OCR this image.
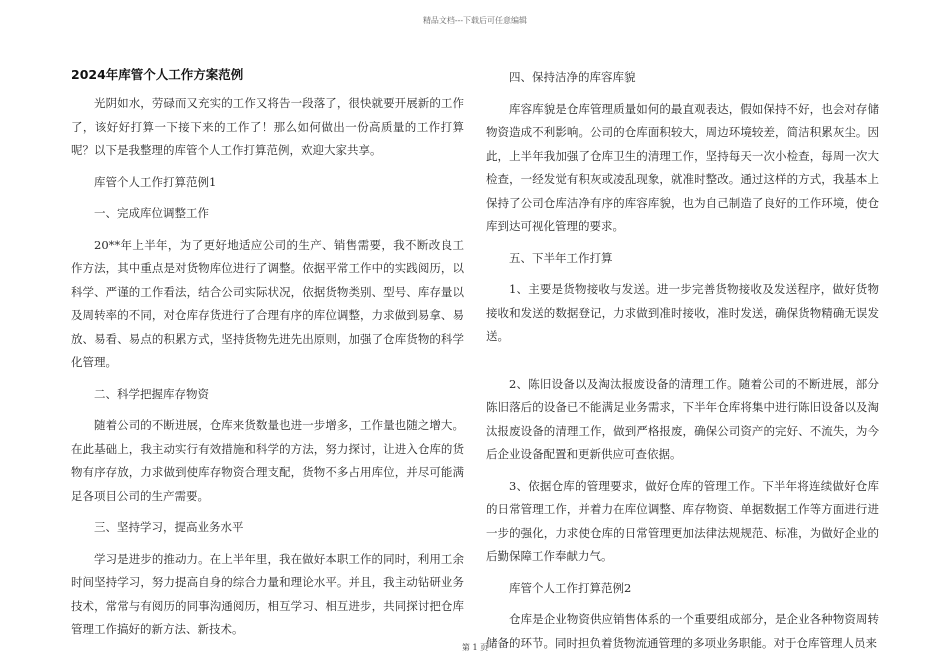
精品文档---下载后可任意编辑
2024年库管个人工作方案范例

光阴如水，劳碌而又充实的工作又将告一段落了，很快就要开展新的工作了，该好好打算一下接下来的工作了！那么如何做出一份高质量的工作打算呢？以下是我整理的库管个人工作打算范例，欢迎大家共享。

库管个人工作打算范例1

一、完成库位调整工作

20**年上半年，为了更好地适应公司的生产、销售需要，我不断改良工作方法，其中重点是对货物库位进行了调整。依据平常工作中的实践阅历，以科学、严谨的工作看法，结合公司实际状况，依据货物类别、型号、库存量以及周转率的不同，对仓库存货进行了合理有序的库位调整，力求做到易拿、易放、易看、易点的积累方式，坚持货物先进先出原则，加强了仓库货物的科学化管理。

二、科学把握库存物资

随着公司的不断进展，仓库来货数量也进一步增多，工作量也随之增大。在此基础上，我主动实行有效措施和科学的方法，努力探讨，让进入仓库的货物有序存放，力求做到使库存物资合理支配，货物不多占用库位，并尽可能满足各项目公司的生产需要。

三、坚持学习，提高业务水平

学习是进步的推动力。在上半年里，我在做好本职工作的同时，利用工余时间坚持学习，努力提高自身的综合力量和理论水平。并且，我主动钻研业务技术，常常与有阅历的同事沟通阅历，相互学习、相互进步，共同探讨把仓库管理工作搞好的新方法、新技术。

四、保持洁净的库容库貌

库容库貌是仓库管理质量如何的最直观表达，假如保持不好，也会对存储物资造成不利影响。公司的仓库面积较大，周边环境较差，简洁积累灰尘。因此，上半年我加强了仓库卫生的清理工作，坚持每天一次小检查，每周一次大检查，一经发觉有积灰或凌乱现象，就准时整改。通过这样的方式，我基本上保持了公司仓库洁净有序的库容库貌，也为自己制造了良好的工作环境，使仓库到达可视化管理的要求。

五、下半年工作打算

1、主要是货物接收与发送。进一步完善货物接收及发送程序，做好货物接收和发送的数据登记，力求做到准时接收，准时发送，确保货物精确无误发送。

2、陈旧设备以及淘汰报废设备的清理工作。随着公司的不断进展，部分陈旧落后的设备已不能满足业务需求，下半年仓库将集中进行陈旧设备以及淘汰报废设备的清理工作，做到严格报废，确保公司资产的完好、不流失，为今后企业设备配置和更新供应可查依据。

3、依据仓库的管理要求，做好仓库的管理工作。下半年将连续做好仓库的日常管理工作，并着力在库位调整、库存物资、单据数据工作等方面进行进一步的强化，力求使仓库的日常管理更加法律法规规范、标准，为做好企业的后勤保障工作奉献力气。

库管个人工作打算范例2

仓库是企业物资供应销售体系的一个重要组成部分，是企业各种物资周转储备的环节。同时担负着货物流通管理的多项业务职能。对于仓库管理人员来

第 1 页
